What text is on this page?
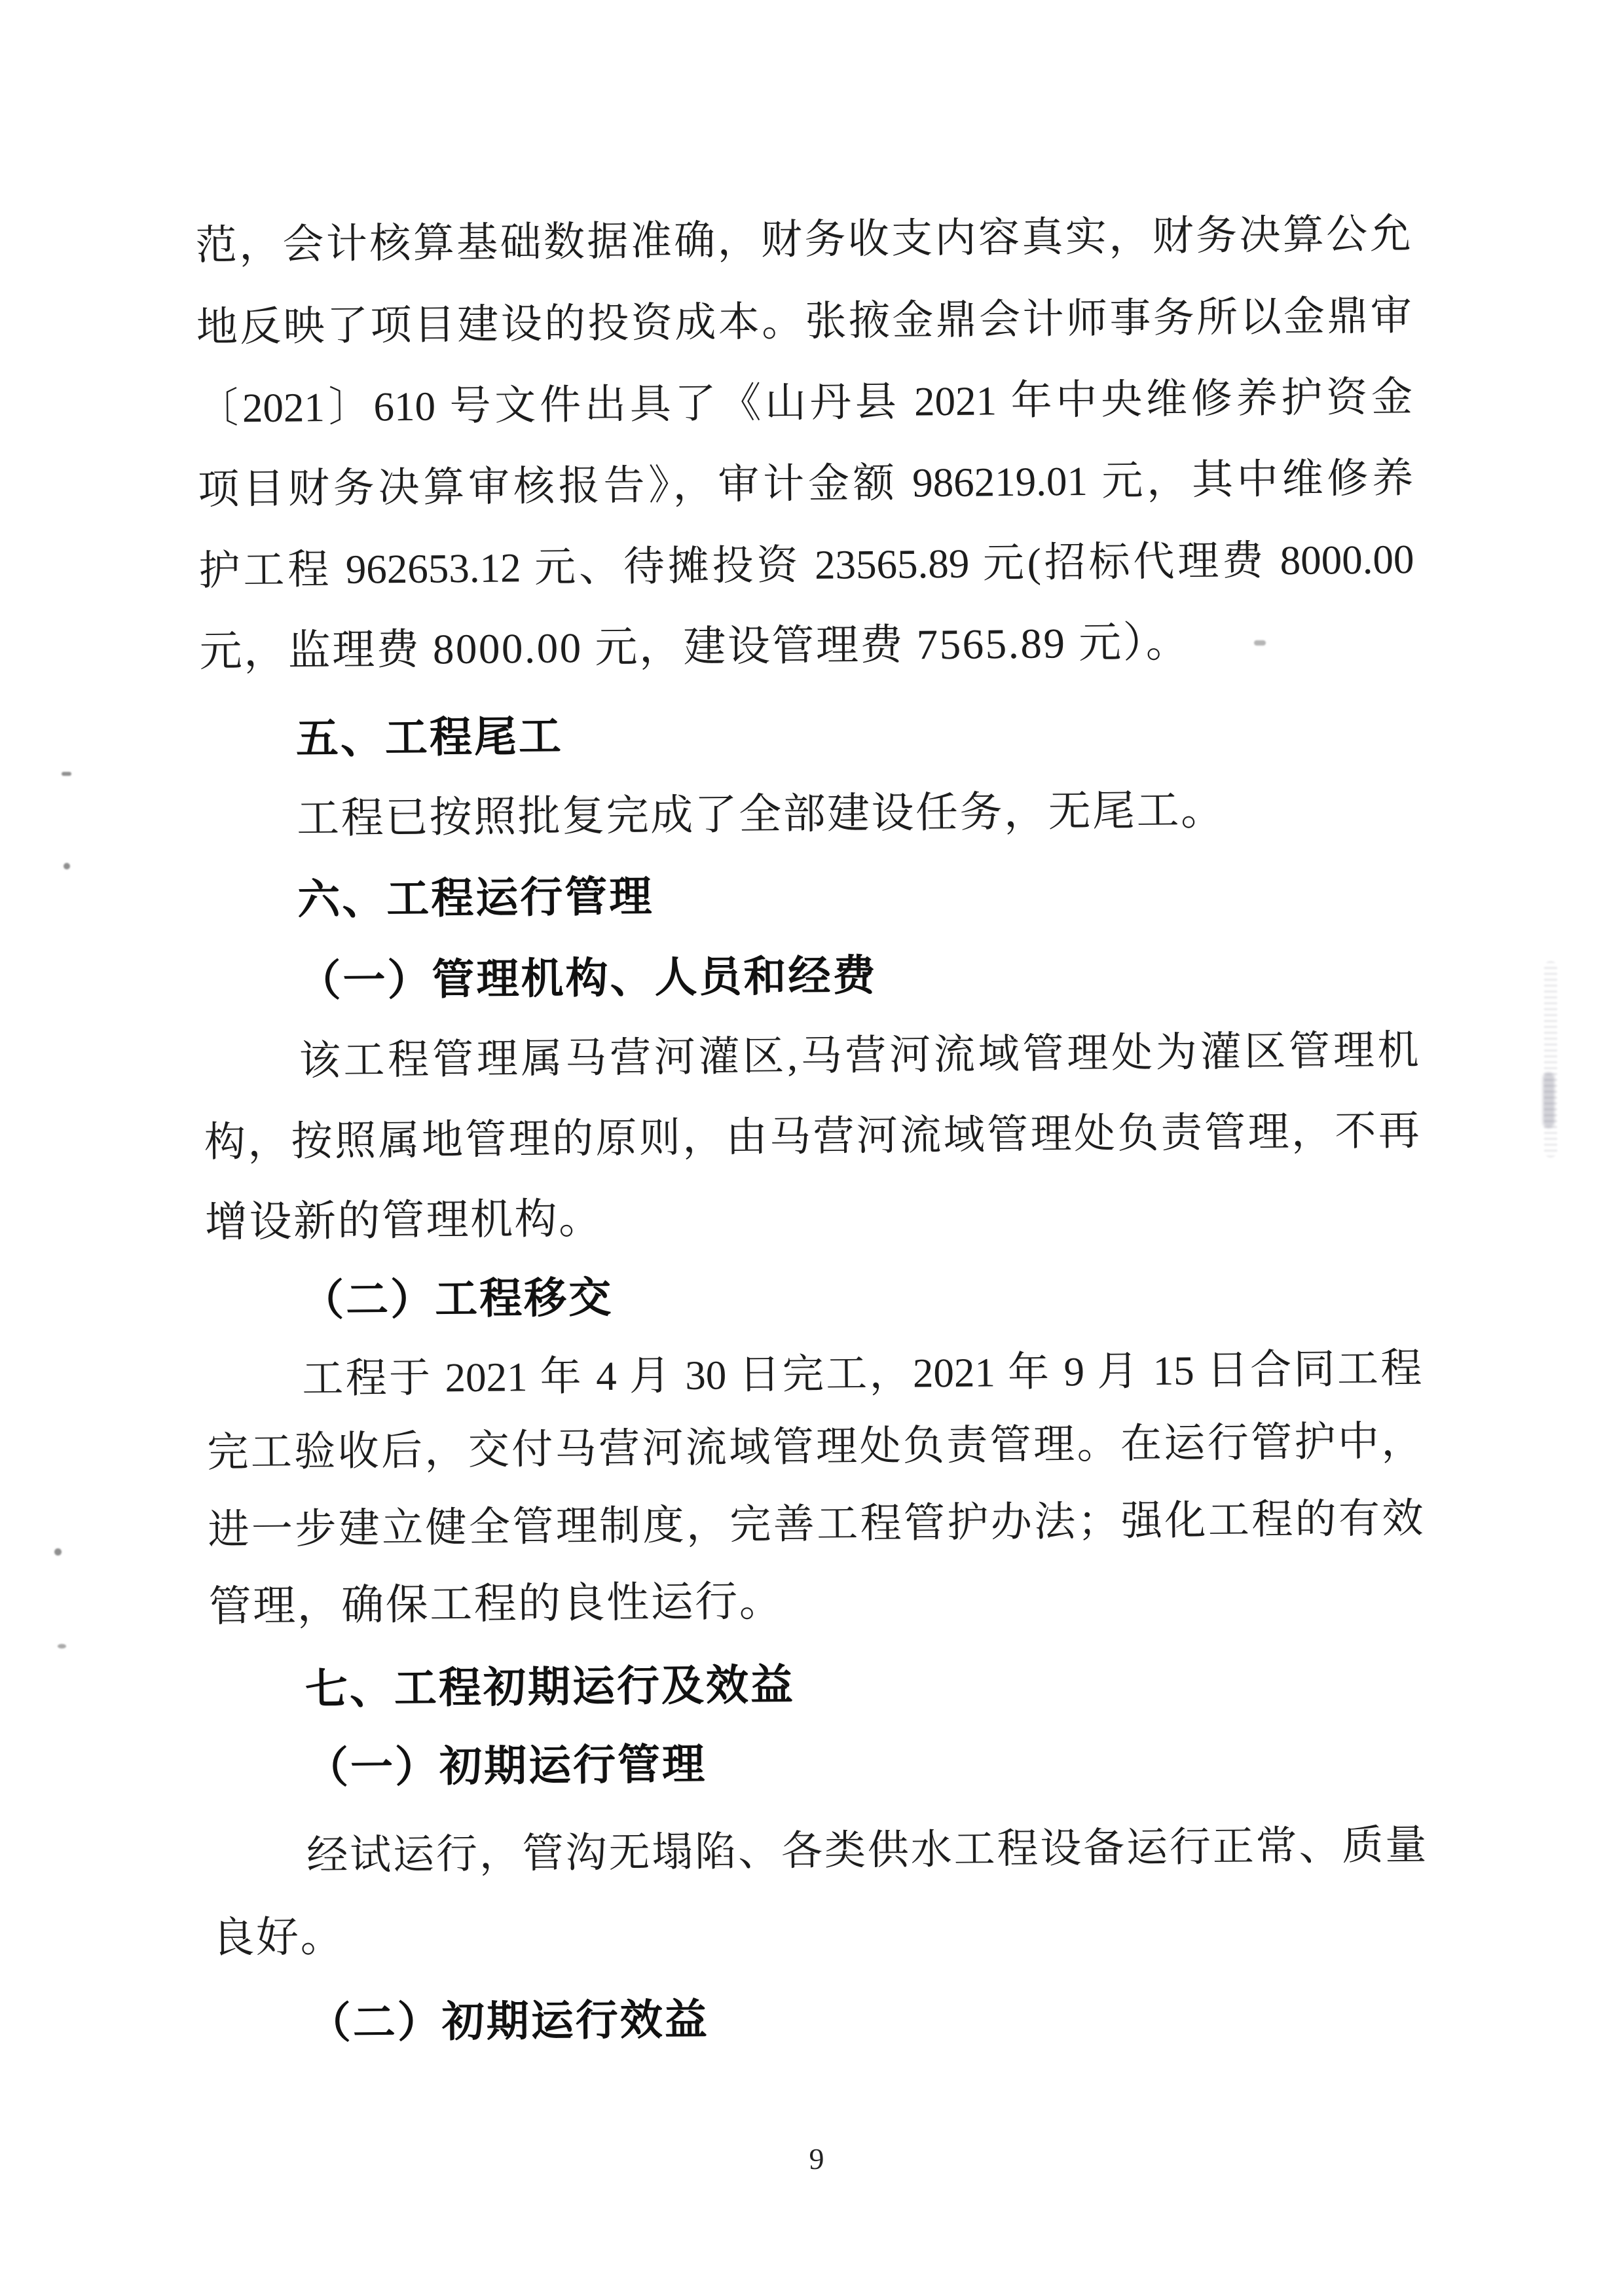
范，会计核算基础数据准确，财务收支内容真实，财务决算公允
地反映了项目建设的投资成本。张掖金鼎会计师事务所以金鼎审
〔2021〕610 号文件出具了《山丹县 2021 年中央维修养护资金
项目财务决算审核报告》，审计金额 986219.01 元，其中维修养
护工程 962653.12 元、待摊投资 23565.89 元(招标代理费 8000.00
元，监理费 8000.00 元，建设管理费 7565.89 元）。
五、工程尾工
工程已按照批复完成了全部建设任务，无尾工。
六、工程运行管理
（一）管理机构、人员和经费
该工程管理属马营河灌区,马营河流域管理处为灌区管理机
构，按照属地管理的原则，由马营河流域管理处负责管理，不再
增设新的管理机构。
（二）工程移交
工程于 2021 年 4 月 30 日完工，2021 年 9 月 15 日合同工程
完工验收后，交付马营河流域管理处负责管理。在运行管护中，
进一步建立健全管理制度，完善工程管护办法；强化工程的有效
管理，确保工程的良性运行。
七、工程初期运行及效益
（一）初期运行管理
经试运行，管沟无塌陷、各类供水工程设备运行正常、质量
良好。
（二）初期运行效益
9
